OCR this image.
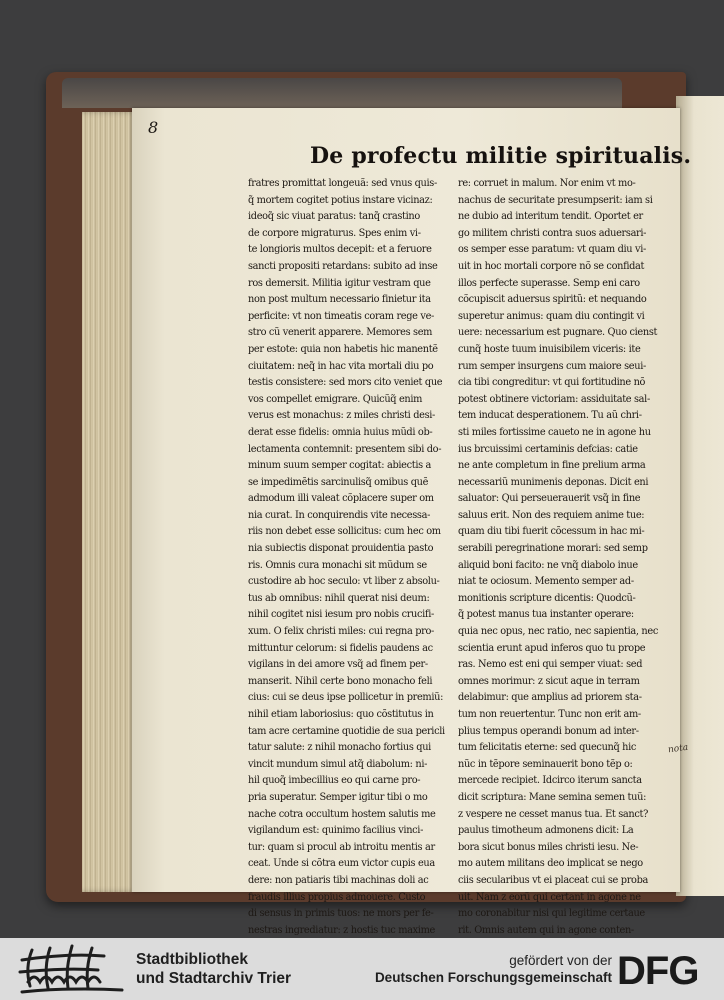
8
De profectu militie spiritualis.
fratres promittat longeuã: sed vnus quis-
q̃ mortem cogitet potius instare vicinaz:
ideoq̃ sic viuat paratus: tanq̃ crastino
de corpore migraturus. Spes enim vi-
te longioris multos decepit: et a feruore
sancti propositi retardans: subito ad inse
ros demersit. Militia igitur vestram que
non post multum necessario finietur ita
perficite: vt non timeatis coram rege ve-
stro cũ venerit apparere. Memores sem
per estote: quia non habetis hic manentẽ
ciuitatem: neq̃ in hac vita mortali diu po
testis consistere: sed mors cito veniet que
vos compellet emigrare. Quicũq̃ enim
verus est monachus: z miles christi desi-
derat esse fidelis: omnia huius mũdi ob-
lectamenta contemnit: presentem sibi do-
minum suum semper cogitat: abiectis a
se impedimẽtis sarcinulisq̃ omibus quẽ
admodum illi valeat cõplacere super om
nia curat. In conquirendis vite necessa-
riis non debet esse sollicitus: cum hec om
nia subiectis disponat prouidentia pasto
ris. Omnis cura monachi sit mũdum se
custodire ab hoc seculo: vt liber z absolu-
tus ab omnibus: nihil querat nisi deum:
nihil cogitet nisi iesum pro nobis crucifi-
xum. O felix christi miles: cui regna pro-
mittuntur celorum: si fidelis paudens ac
vigilans in dei amore vsq̃ ad finem per-
manserit. Nihil certe bono monacho feli
cius: cui se deus ipse pollicetur in premiũ:
nihil etiam laboriosius: quo cõstitutus in
tam acre certamine quotidie de sua pericli
tatur salute: z nihil monacho fortius qui
vincit mundum simul atq̃ diabolum: ni-
hil quoq̃ imbecillius eo qui carne pro-
pria superatur. Semper igitur tibi o mo
nache cotra occultum hostem salutis me
vigilandum est: quinimo facilius vinci-
tur: quam si procul ab introitu mentis ar
ceat. Unde si cõtra eum victor cupis eua
dere: non patiaris tibi machinas doli ac
fraudis illius propius admouere. Custo
di sensus in primis tuos: ne mors per fe-
nestras ingrediatur: z hostis tuc maxime
re: corruet in malum. Nor enim vt mo-
nachus de securitate presumpserit: iam si
ne dubio ad interitum tendit. Oportet er
go militem christi contra suos aduersari-
os semper esse paratum: vt quam diu vi-
uit in hoc mortali corpore nõ se confidat
illos perfecte superasse. Semp eni caro
cõcupiscit aduersus spiritũ: et nequando
superetur animus: quam diu contingit vi
uere: necessarium est pugnare. Quo cienst
cunq̃ hoste tuum inuisibilem viceris: ite
rum semper insurgens cum maiore seui-
cia tibi congreditur: vt qui fortitudine nõ
potest obtinere victoriam: assiduitate sal-
tem inducat desperationem. Tu aũ chri-
sti miles fortissime caueto ne in agone hu
ius brcuissimi certaminis defcias: catie
ne ante completum in fine prelium arma
necessariũ munimenis deponas. Dicit eni
saluator: Qui perseuerauerit vsq̃ in fine
saluus erit. Non des requiem anime tue:
quam diu tibi fuerit cõcessum in hac mi-
serabili peregrinatione morari: sed semp
aliquid boni facito: ne vnq̃ diabolo inue
niat te ociosum. Memento semper ad-
monitionis scripture dicentis: Quodcũ-
q̃ potest manus tua instanter operare:
quia nec opus, nec ratio, nec sapientia, nec
scientia erunt apud inferos quo tu prope
ras. Nemo est eni qui semper viuat: sed
omnes morimur: z sicut aque in terram
delabimur: que amplius ad priorem sta-
tum non reuertentur. Tunc non erit am-
plius tempus operandi bonum ad inter-
tum felicitatis eterne: sed quecunq̃ hic
nũc in tẽpore seminauerit bono tẽp o:
mercede recipiet. Idcirco iterum sancta
dicit scriptura: Mane semina semen tuũ:
z vespere ne cesset manus tua. Et sanct?
paulus timotheum admonens dicit: La
bora sicut bonus miles christi iesu. Ne-
mo autem militans deo implicat se nego
ciis secularibus vt ei placeat cui se proba
uit. Nam z eorũ qui certant in agone ne
mo coronabitur nisi qui legitime certaue
rit. Omnis autem qui in agone conten-
nota
Stadtbibliothek
und Stadtarchiv Trier
gefördert von der
Deutschen Forschungsgemeinschaft DFG
